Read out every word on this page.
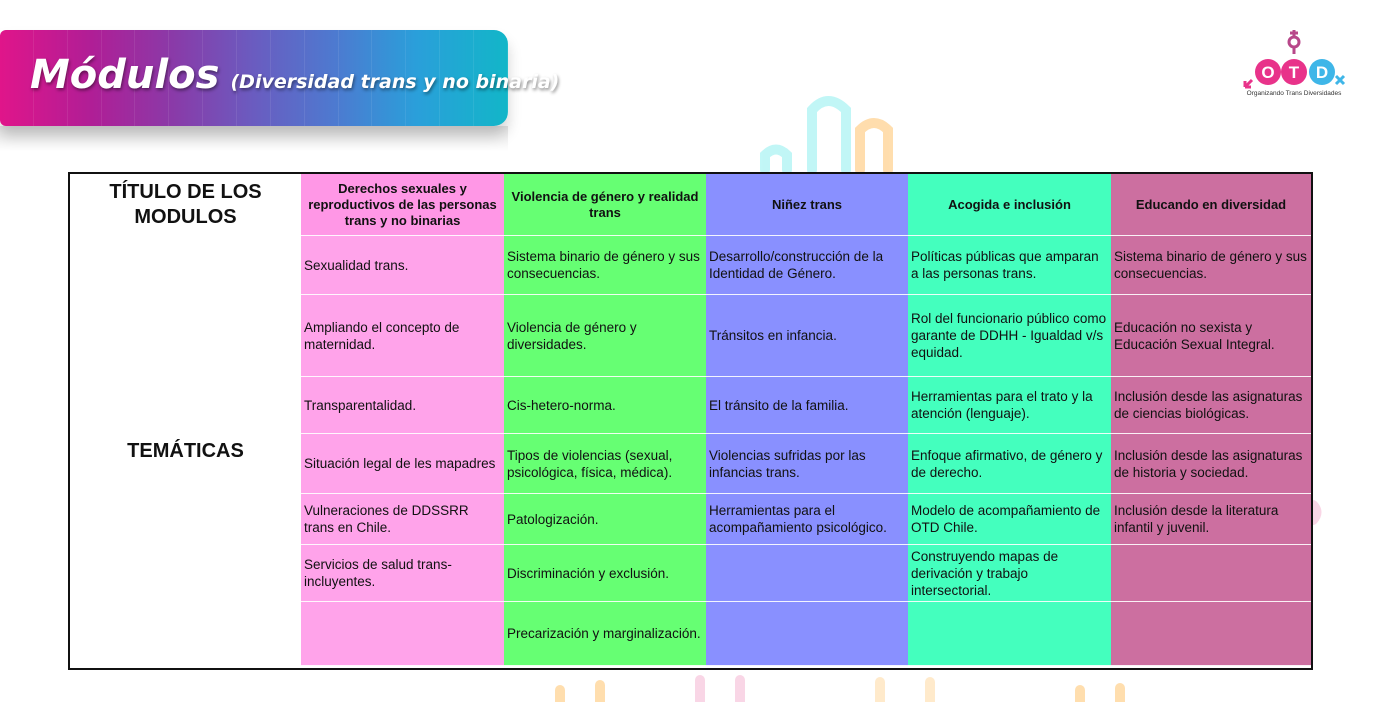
Módulos (Diversidad trans y no binaria)	O T D
Organizando Trans Diversidades
TÍTULO DE LOS MODULOS
TEMÁTICAS
Derechos sexuales y reproductivos de las personas trans y no binarias
Sexualidad trans.
Ampliando el concepto de maternidad.
Transparentalidad.
Situación legal de les mapadres
Vulneraciones de DDSSRR trans en Chile.
Servicios de salud trans-incluyentes.
Violencia de género y realidad trans
Sistema binario de género y sus consecuencias.
Violencia de género y diversidades.
Cis-hetero-norma.
Tipos de violencias (sexual, psicológica, física, médica).
Patologización.
Discriminación y exclusión.
Precarización y marginalización.
Niñez trans
Desarrollo/construcción de la Identidad de Género.
Tránsitos en infancia.
El tránsito de la familia.
Violencias sufridas por las infancias trans.
Herramientas para el acompañamiento psicológico.
Acogida e inclusión
Políticas públicas que amparan a las personas trans.
Rol del funcionario público como garante de DDHH - Igualdad v/s equidad.
Herramientas para el trato y la atención (lenguaje).
Enfoque afirmativo, de género y de derecho.
Modelo de acompañamiento de OTD Chile.
Construyendo mapas de derivación y trabajo intersectorial.
Educando en diversidad
Sistema binario de género y sus consecuencias.
Educación no sexista y Educación Sexual Integral.
Inclusión desde las asignaturas de ciencias biológicas.
Inclusión desde las asignaturas de historia y sociedad.
Inclusión desde la literatura infantil y juvenil.
